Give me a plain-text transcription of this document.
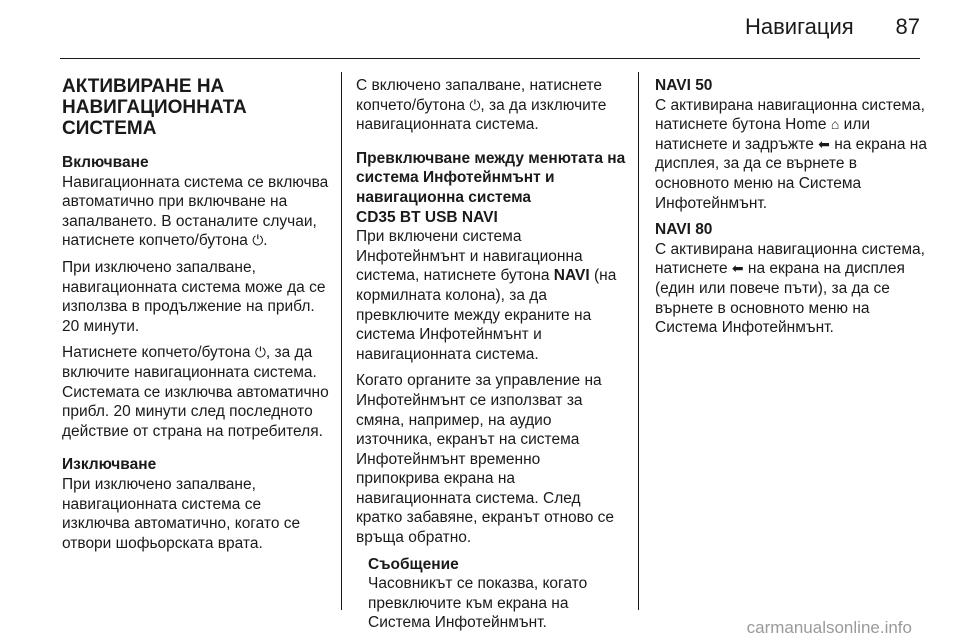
Навигация 87
АКТИВИРАНЕ НА
НАВИГАЦИОННАТА
СИСТЕМА
Включване

Навигационната система се включва автоматично при включване на запалването. В останалите случаи, натиснете копчето/бутона ⏻.

При изключено запалване, навигационната система може да се използва в продължение на прибл. 20 минути.

Натиснете копчето/бутона ⏻, за да включите навигационната система. Системата се изключва автоматично прибл. 20 минути след последното действие от страна на потребителя.

Изключване

При изключено запалване, навигационната система се изключва автоматично, когато се отвори шофьорската врата.

С включено запалване, натиснете копчето/бутона ⏻, за да изключите навигационната система.

Превключване между менютата на система Инфотейнмънт и навигационна система
CD35 BT USB NAVI

При включени система Инфотейнмънт и навигационна система, натиснете бутона NAVI (на кормилната колона), за да превключите между екраните на система Инфотейнмънт и навигационната система.

Когато органите за управление на Инфотейнмънт се използват за смяна, например, на аудио източника, екранът на система Инфотейнмънт временно припокрива екрана на навигационната система. След кратко забавяне, екранът отново се връща обратно.

Съобщение
Часовникът се показва, когато превключите към екрана на Система Инфотейнмънт.
NAVI 50

С активирана навигационна система, натиснете бутона Home ⌂ или натиснете и задръжте ⬅ на екрана на дисплея, за да се върнете в основното меню на Система Инфотейнмънт.

NAVI 80

С активирана навигационна система, натиснете ⬅ на екрана на дисплея (един или повече пъти), за да се върнете в основното меню на Система Инфотейнмънт.

carmanualsonline.info
